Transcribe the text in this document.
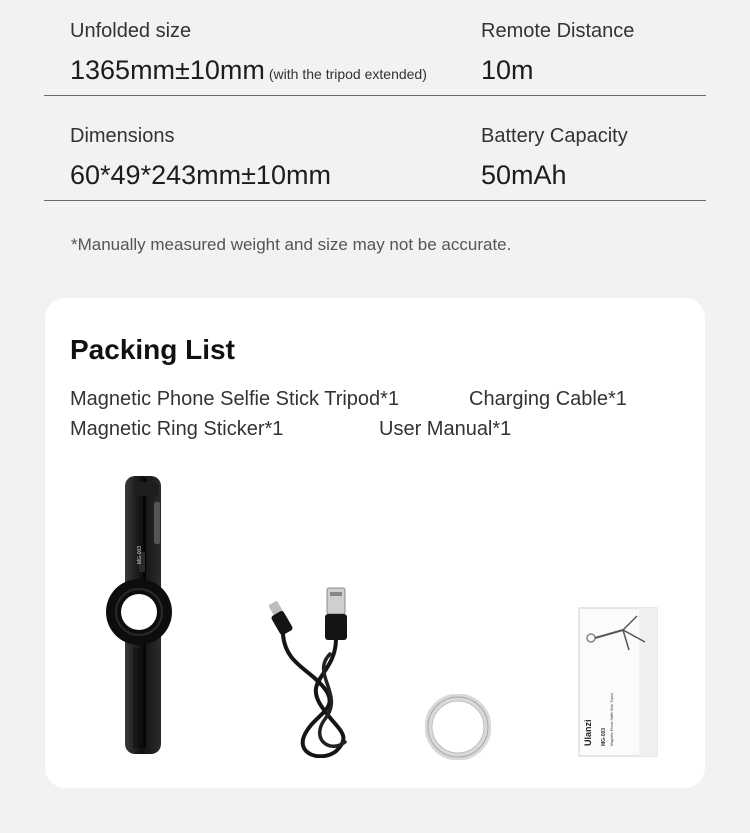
Unfolded size
1365mm±10mm (with the tripod extended)
Remote Distance
10m
Dimensions
60*49*243mm±10mm
Battery Capacity
50mAh
*Manually measured weight and size may not be accurate.
Packing List
Magnetic Phone Selfie Stick Tripod*1	Charging Cable*1
Magnetic Ring Sticker*1	User Manual*1
MG-003
Ulanzi MG-003 Magnetic Phone Selfie Stick Tripod
